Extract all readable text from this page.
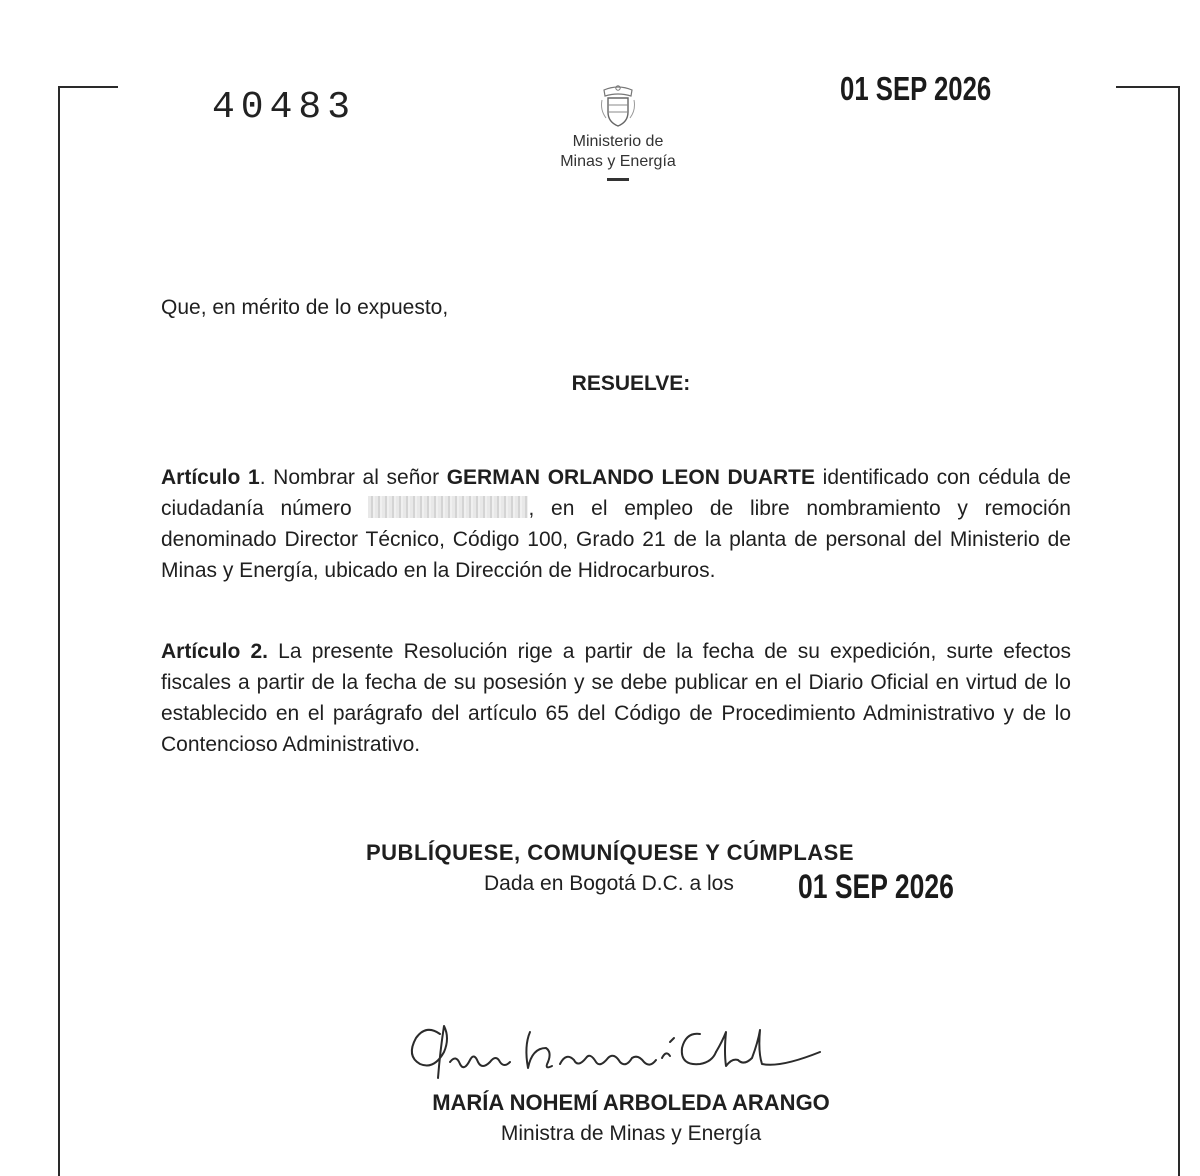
40483	01 SEP 2026
Ministerio de
Minas y Energía

Que, en mérito de lo expuesto,

RESUELVE:

Artículo 1. Nombrar al señor GERMAN ORLANDO LEON DUARTE identificado con cédula de ciudadanía número	, en el empleo de libre nombramiento y remoción denominado Director Técnico, Código 100, Grado 21 de la planta de personal del Ministerio de Minas y Energía, ubicado en la Dirección de Hidrocarburos.

Artículo 2. La presente Resolución rige a partir de la fecha de su expedición, surte efectos fiscales a partir de la fecha de su posesión y se debe publicar en el Diario Oficial en virtud de lo establecido en el parágrafo del artículo 65 del Código de Procedimiento Administrativo y de lo Contencioso Administrativo.

PUBLÍQUESE, COMUNÍQUESE Y CÚMPLASE
Dada en Bogotá D.C. a los 01 SEP 2026
MARÍA NOHEMÍ ARBOLEDA ARANGO
Ministra de Minas y Energía
